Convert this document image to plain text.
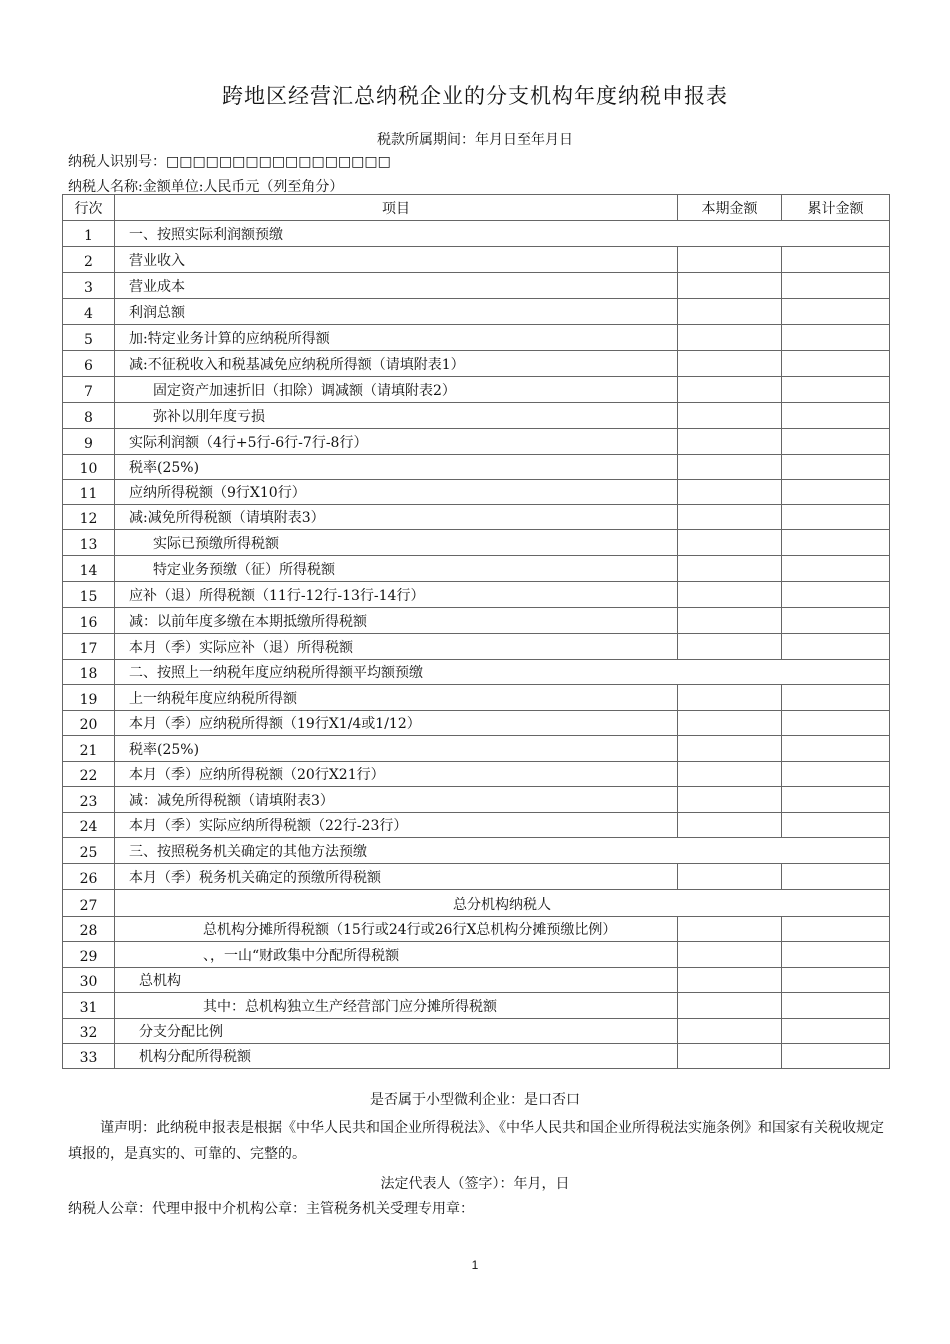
跨地区经营汇总纳税企业的分支机构年度纳税申报表
税款所属期间：年月日至年月日
纳税人识别号：□□□□□□□□□□□□□□□□□
纳税人名称:金额单位:人民币元（列至角分）
行次	项目	本期金额	累计金额
1	一、按照实际利润额预缴		
2	营业收入		
3	营业成本		
4	利润总额		
5	加:特定业务计算的应纳税所得额		
6	减:不征税收入和税基减免应纳税所得额（请填附表1）		
7	固定资产加速折旧（扣除）调减额（请填附表2）		
8	弥补以刖年度亏损		
9	实际利润额（4行+5行-6行-7行-8行）		
10	税率(25%)		
11	应纳所得税额（9行X10行）		
12	减:减免所得税额（请填附表3）		
13	实际已预缴所得税额		
14	特定业务预缴（征）所得税额		
15	应补（退）所得税额（11行-12行-13行-14行）		
16	减：以前年度多缴在本期抵缴所得税额		
17	本月（季）实际应补（退）所得税额		
18	二、按照上一纳税年度应纳税所得额平均额预缴		
19	上一纳税年度应纳税所得额		
20	本月（季）应纳税所得额（19行X1/4或1/12）		
21	税率(25%)		
22	本月（季）应纳所得税额（20行X21行）		
23	减：减免所得税额（请填附表3）		
24	本月（季）实际应纳所得税额（22行-23行）		
25	三、按照税务机关确定的其他方法预缴		
26	本月（季）税务机关确定的预缴所得税额		
27	总分机构纳税人		
28	总机构分摊所得税额（15行或24行或26行X总机构分摊预缴比例）		
29	、，一山“财政集中分配所得税额		
30	总机构		
31	其中：总机构独立生产经营部门应分摊所得税额		
32	分支分配比例		
33	机构分配所得税额		
是否属于小型微利企业：是口否口
谨声明：此纳税申报表是根据《中华人民共和国企业所得税法》、《中华人民共和国企业所得税法实施条例》和国家有关税收规定填报的，是真实的、可靠的、完整的。
法定代表人（签字）：年月，日
纳税人公章：代理申报中介机构公章：主管税务机关受理专用章：
1
